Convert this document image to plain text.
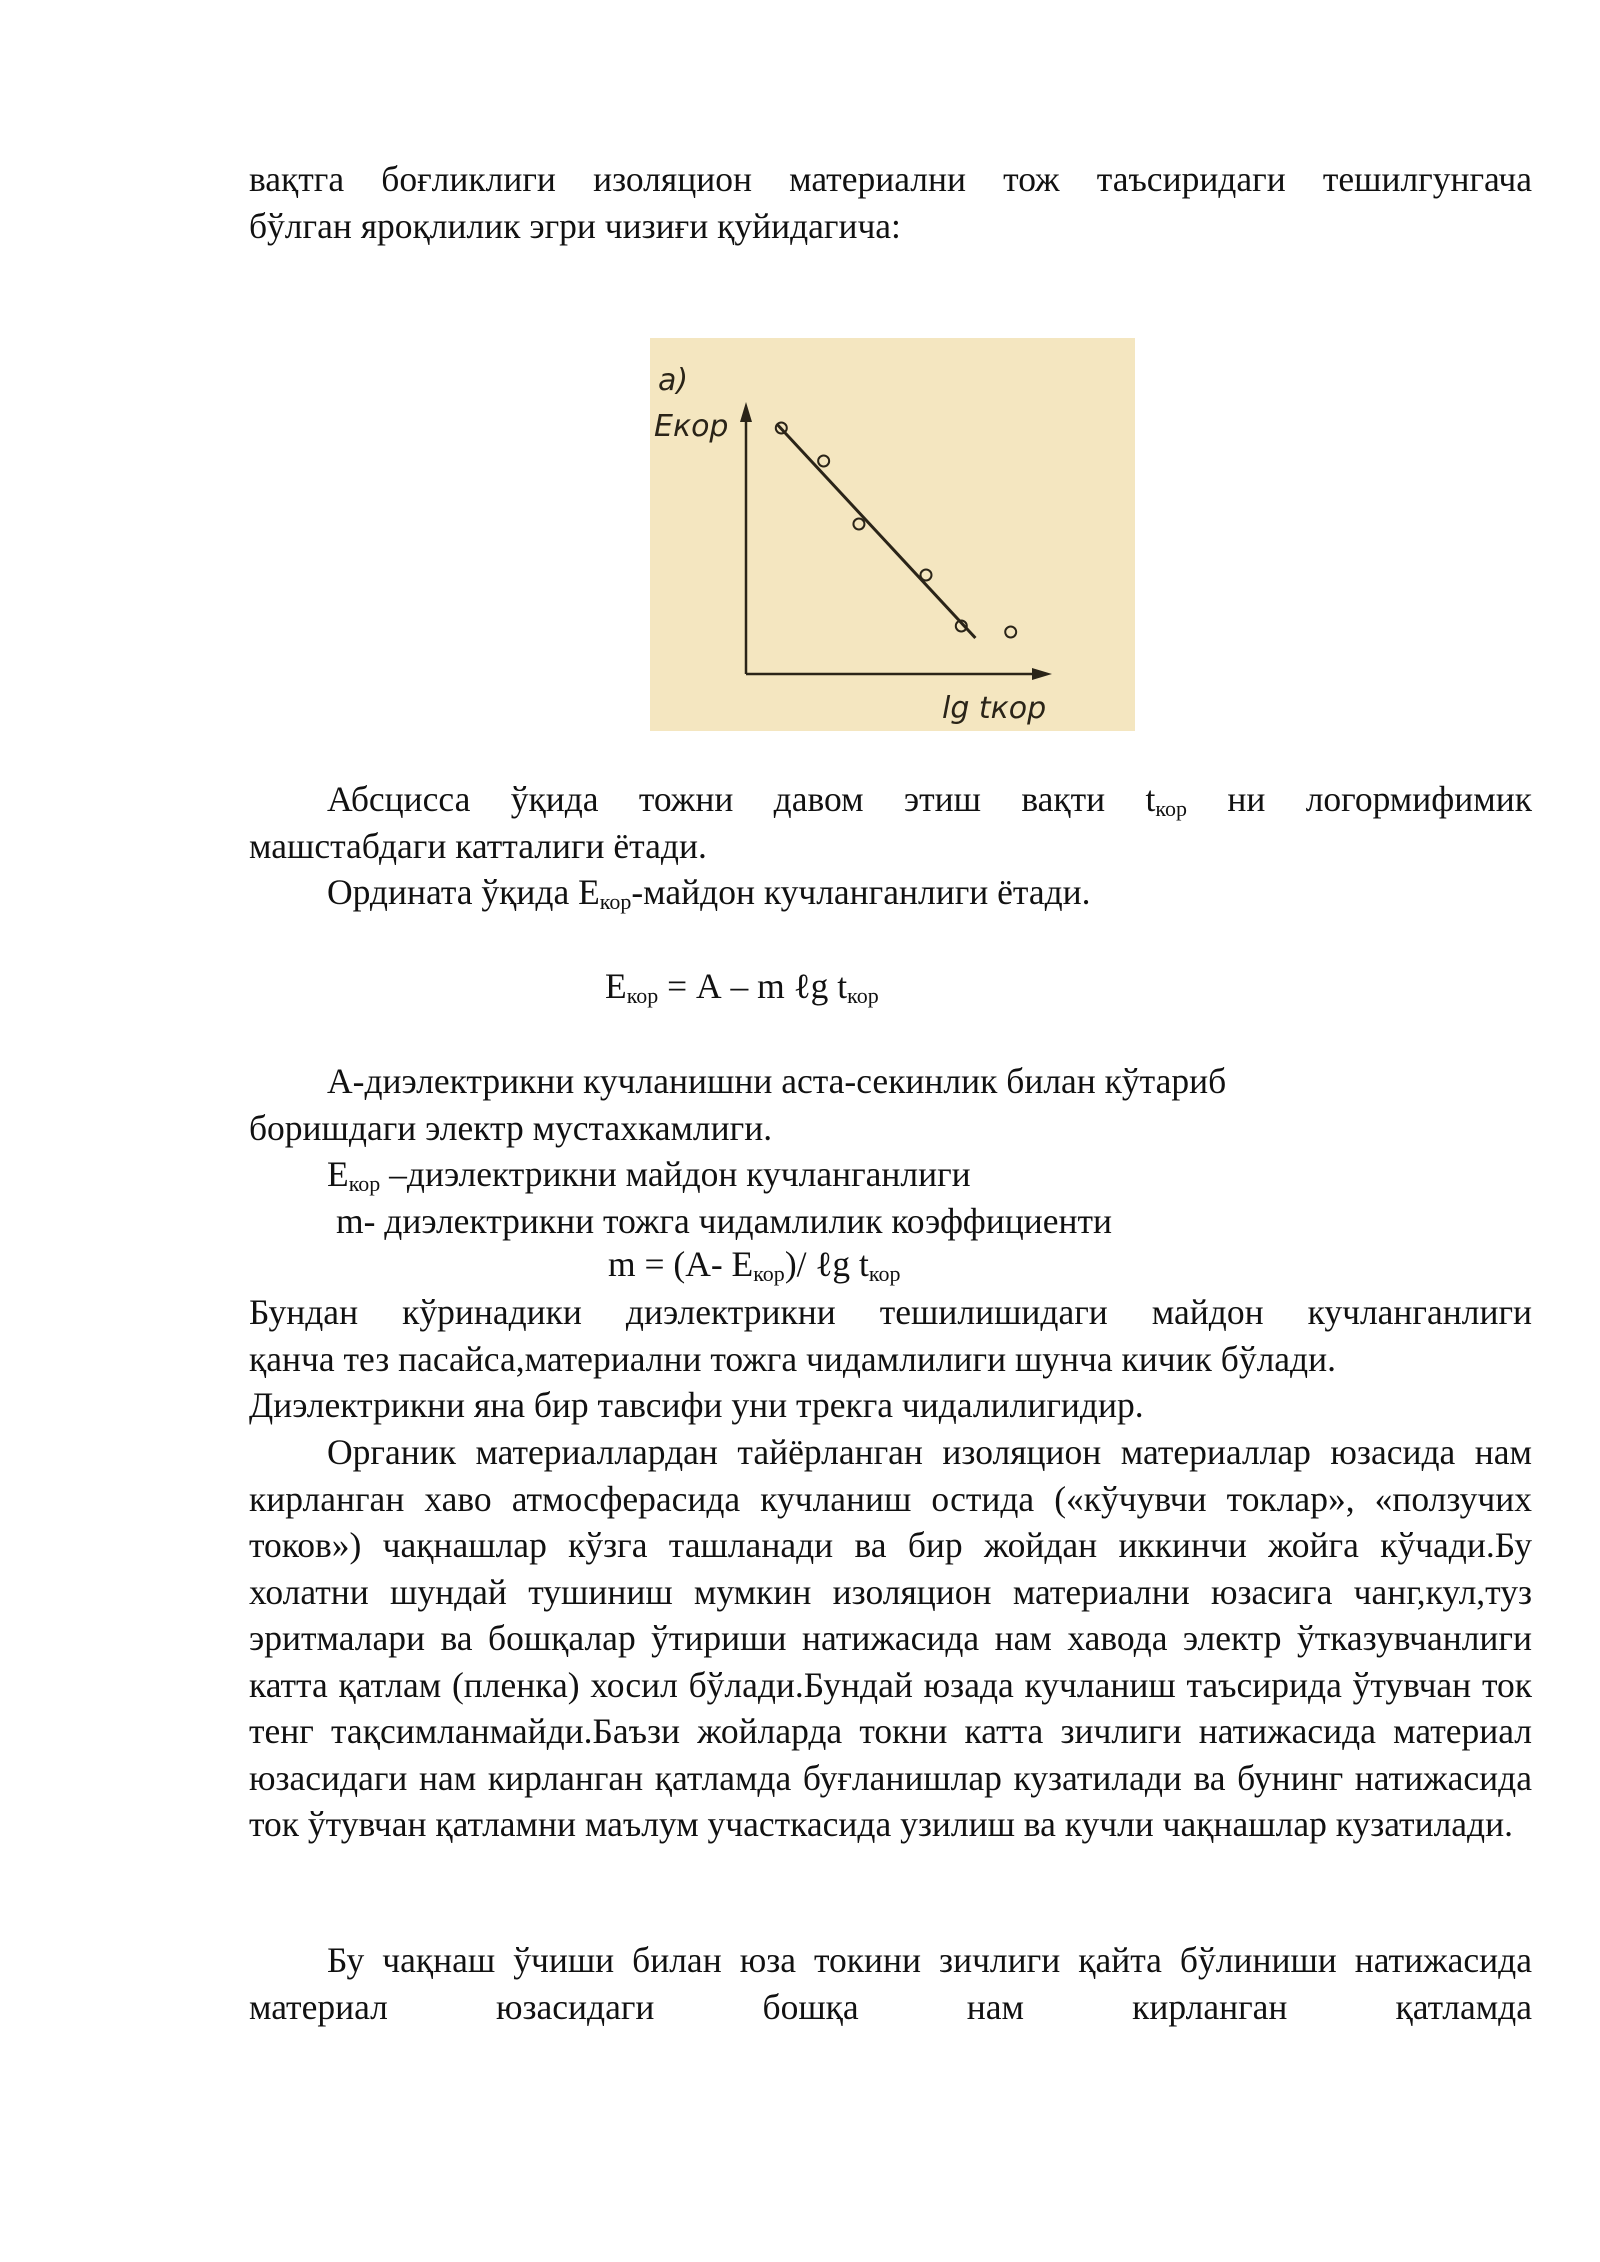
вақтга боғликлиги изоляцион материални тож таъсиридаги тешилгунгача

бўлган яроқлилик эгри чизиғи қуйидагича:

а)
Eкор
lg tкор

Абсцисса ўқида тожни давом этиш вақти $t_{кор}$ ни логормифимик

машстабдаги катталиги ётади.

Ордината ўқида $Е_{кор}$-майдон кучланганлиги ётади.

$Е_{кор} = А - m$ ℓg $t_{кор}$

А-диэлектрикни кучланишни аста-секинлик билан кўтариб

боришдаги электр мустахкамлиги.

$Е_{кор}$ –диэлектрикни майдон кучланганлиги

m- диэлектрикни тожга чидамлилик коэффициенти

m = (А- $Е_{кор})/$ ℓg $t_{кор}$

Бундан кўринадики диэлектрикни тешилишидаги майдон кучланганлиги

қанча тез пасайса,материални тожга чидамлилиги шунча кичик бўлади.

Диэлектрикни яна бир тавсифи уни трекга чидалилигидир.

Органик материаллардан тайёрланган изоляцион материаллар юзасида нам кирланган хаво атмосферасида кучланиш остида («кўчувчи токлар», «ползучих токов») чақнашлар кўзга ташланади ва бир жойдан иккинчи жойга кўчади.Бу холатни шундай тушиниш мумкин изоляцион материални юзасига чанг,кул,туз эритмалари ва бошқалар ўтириши натижасида нам хавода электр ўтказувчанлиги катта қатлам (пленка) хосил бўлади.Бундай юзада кучланиш таъсирида ўтувчан ток тенг тақсимланмайди.Баъзи жойларда токни катта зичлиги натижасида материал юзасидаги нам кирланган қатламда буғланишлар кузатилади ва бунинг натижасида ток ўтувчан қатламни маълум участкасида узилиш ва кучли чақнашлар кузатилади.
Бу чақнаш ўчиши билан юза токини зичлиги қайта бўлиниши натижасида материал юзасидаги бошқа нам кирланган қатламда
